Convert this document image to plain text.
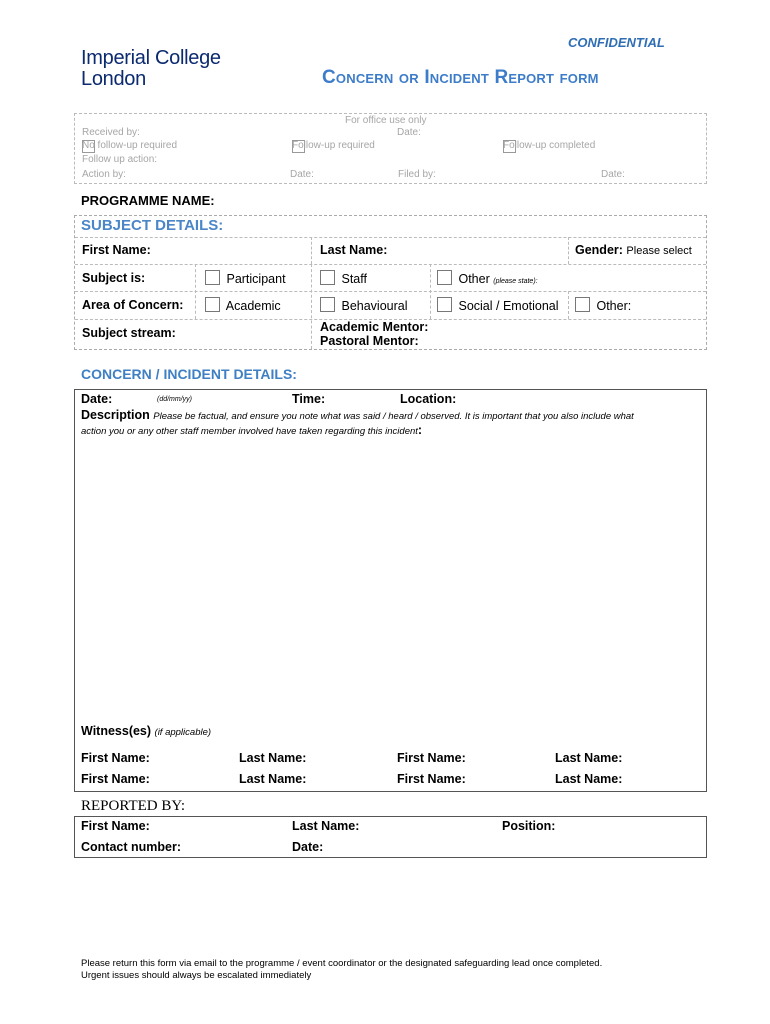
Imperial College
London
CONFIDENTIAL
Concern or Incident Report form
For office use only
Received by:	Date:
No follow-up required	Follow-up required	Follow-up completed
Follow up action:
Action by:	Date:	Filed by:	Date:
PROGRAMME NAME:
First Name:	Last Name:	Gender: Please select
Subject is:	Participant	Staff	Other (please state):
Area of Concern:	Academic	Behavioural	Social / Emotional	Other:
Subject stream:	Academic Mentor:
Pastoral Mentor:
SUBJECT DETAILS:
CONCERN / INCIDENT DETAILS:
Date:	(dd/mm/yy)	Time:	Location:
Description Please be factual, and ensure you note what was said / heard / observed. It is important that you also include what
action you or any other staff member involved have taken regarding this incident:
Witness(es) (if applicable)
First Name:	Last Name:	First Name:	Last Name:
First Name:	Last Name:	First Name:	Last Name:
REPORTED BY:
First Name:	Last Name:	Position:
Contact number:	Date:
Please return this form via email to the programme / event coordinator or the designated safeguarding lead once completed.
Urgent issues should always be escalated immediately
